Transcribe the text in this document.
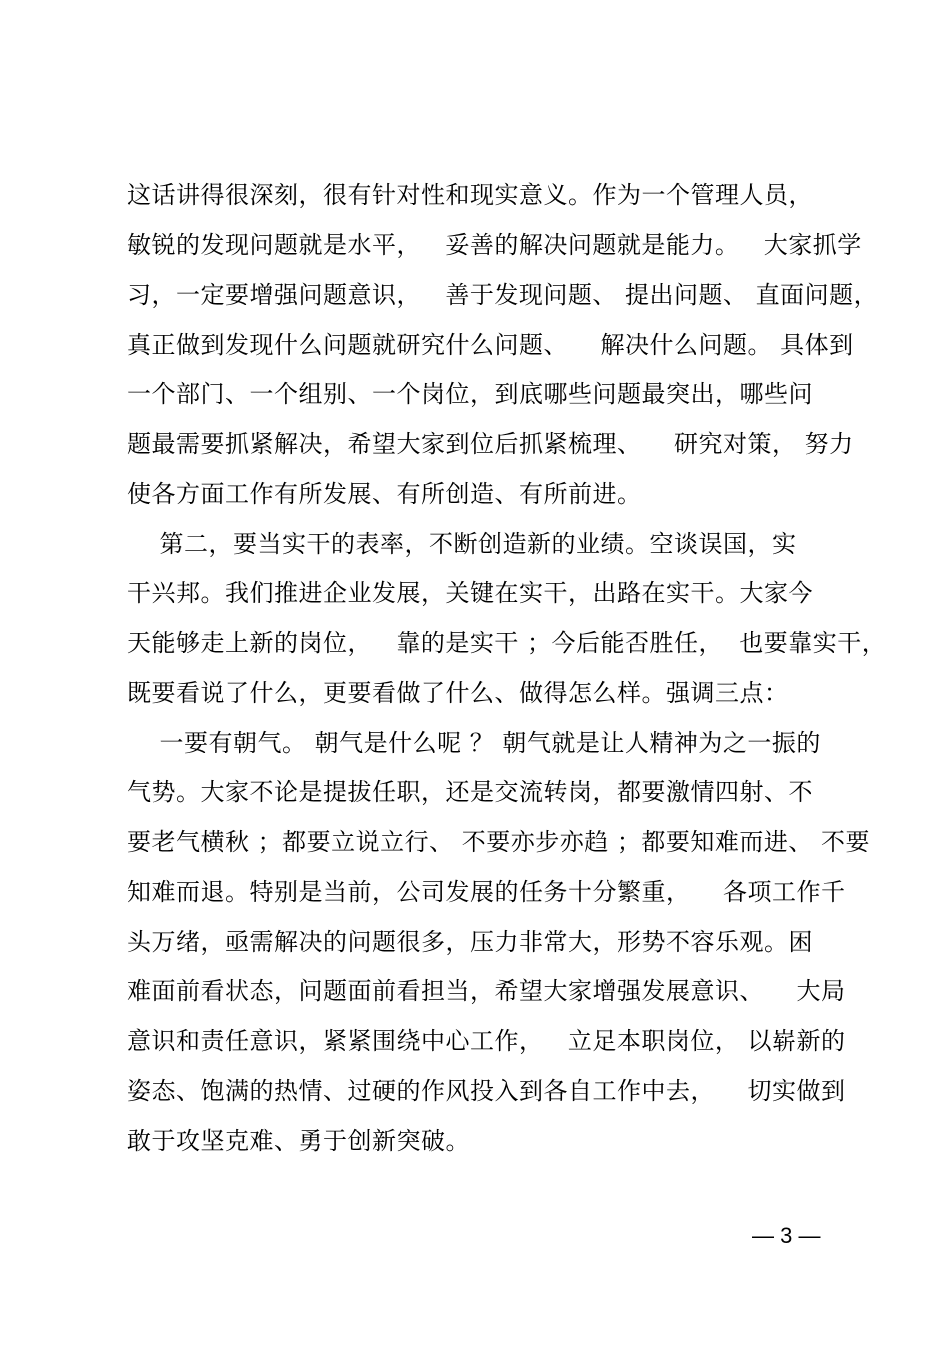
这话讲得很深刻，很有针对性和现实意义。作为一个管理人员，
敏锐的发现问题就是水平，   妥善的解决问题就是能力。   大家抓学
习，一定要增强问题意识，   善于发现问题、 提出问题、 直面问题，
真正做到发现什么问题就研究什么问题、    解决什么问题。 具体到
一个部门、一个组别、一个岗位，到底哪些问题最突出，哪些问
题最需要抓紧解决，希望大家到位后抓紧梳理、    研究对策， 努力
使各方面工作有所发展、有所创造、有所前进。
第二，要当实干的表率，不断创造新的业绩。空谈误国，实
干兴邦。我们推进企业发展，关键在实干，出路在实干。大家今
天能够走上新的岗位，   靠的是实干 ；今后能否胜任，  也要靠实干，
既要看说了什么，更要看做了什么、做得怎么样。强调三点：
一要有朝气。 朝气是什么呢 ？ 朝气就是让人精神为之一振的
气势。大家不论是提拔任职，还是交流转岗，都要激情四射、不
要老气横秋 ；都要立说立行、 不要亦步亦趋 ；都要知难而进、 不要
知难而退。特别是当前，公司发展的任务十分繁重，    各项工作千
头万绪，亟需解决的问题很多，压力非常大，形势不容乐观。困
难面前看状态，问题面前看担当，希望大家增强发展意识、    大局
意识和责任意识，紧紧围绕中心工作，   立足本职岗位， 以崭新的
姿态、饱满的热情、过硬的作风投入到各自工作中去，    切实做到
敢于攻坚克难、勇于创新突破。
— 3 —
